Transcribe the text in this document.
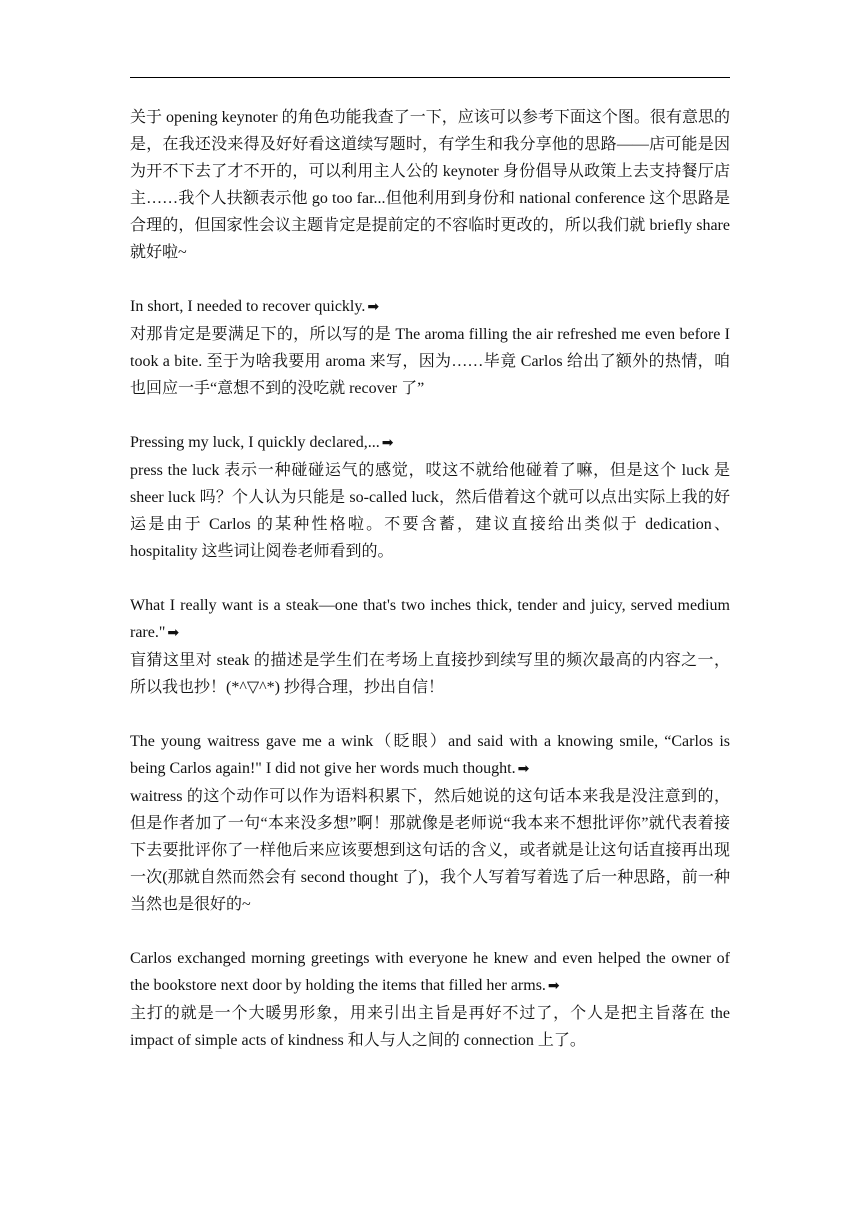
关于 opening keynoter 的角色功能我查了一下，应该可以参考下面这个图。很有意思的是，在我还没来得及好好看这道续写题时，有学生和我分享他的思路——店可能是因为开不下去了才不开的，可以利用主人公的 keynoter 身份倡导从政策上去支持餐厅店主……我个人扶额表示他 go too far...但他利用到身份和 national conference 这个思路是合理的，但国家性会议主题肯定是提前定的不容临时更改的，所以我们就 briefly share 就好啦~

In short, I needed to recover quickly. ➡

对那肯定是要满足下的，所以写的是 The aroma filling the air refreshed me even before I took a bite. 至于为啥我要用 aroma 来写，因为……毕竟 Carlos 给出了额外的热情，咱也回应一手“意想不到的没吃就 recover 了”

Pressing my luck, I quickly declared,... ➡

press the luck 表示一种碰碰运气的感觉，哎这不就给他碰着了嘛，但是这个 luck 是 sheer luck 吗？个人认为只能是 so-called luck，然后借着这个就可以点出实际上我的好运是由于 Carlos 的某种性格啦。不要含蓄，建议直接给出类似于 dedication、hospitality 这些词让阅卷老师看到的。

What I really want is a steak—one that's two inches thick, tender and juicy, served medium rare." ➡

盲猜这里对 steak 的描述是学生们在考场上直接抄到续写里的频次最高的内容之一，所以我也抄！(*^▽^*) 抄得合理，抄出自信！

The young waitress gave me a wink（眨眼）and said with a knowing smile, “Carlos is being Carlos again!" I did not give her words much thought. ➡

waitress 的这个动作可以作为语料积累下，然后她说的这句话本来我是没注意到的，但是作者加了一句“本来没多想”啊！那就像是老师说“我本来不想批评你”就代表着接下去要批评你了一样他后来应该要想到这句话的含义，或者就是让这句话直接再出现一次(那就自然而然会有 second thought 了)，我个人写着写着选了后一种思路，前一种当然也是很好的~

Carlos exchanged morning greetings with everyone he knew and even helped the owner of the bookstore next door by holding the items that filled her arms. ➡

主打的就是一个大暖男形象，用来引出主旨是再好不过了，个人是把主旨落在 the impact of simple acts of kindness 和人与人之间的 connection 上了。
